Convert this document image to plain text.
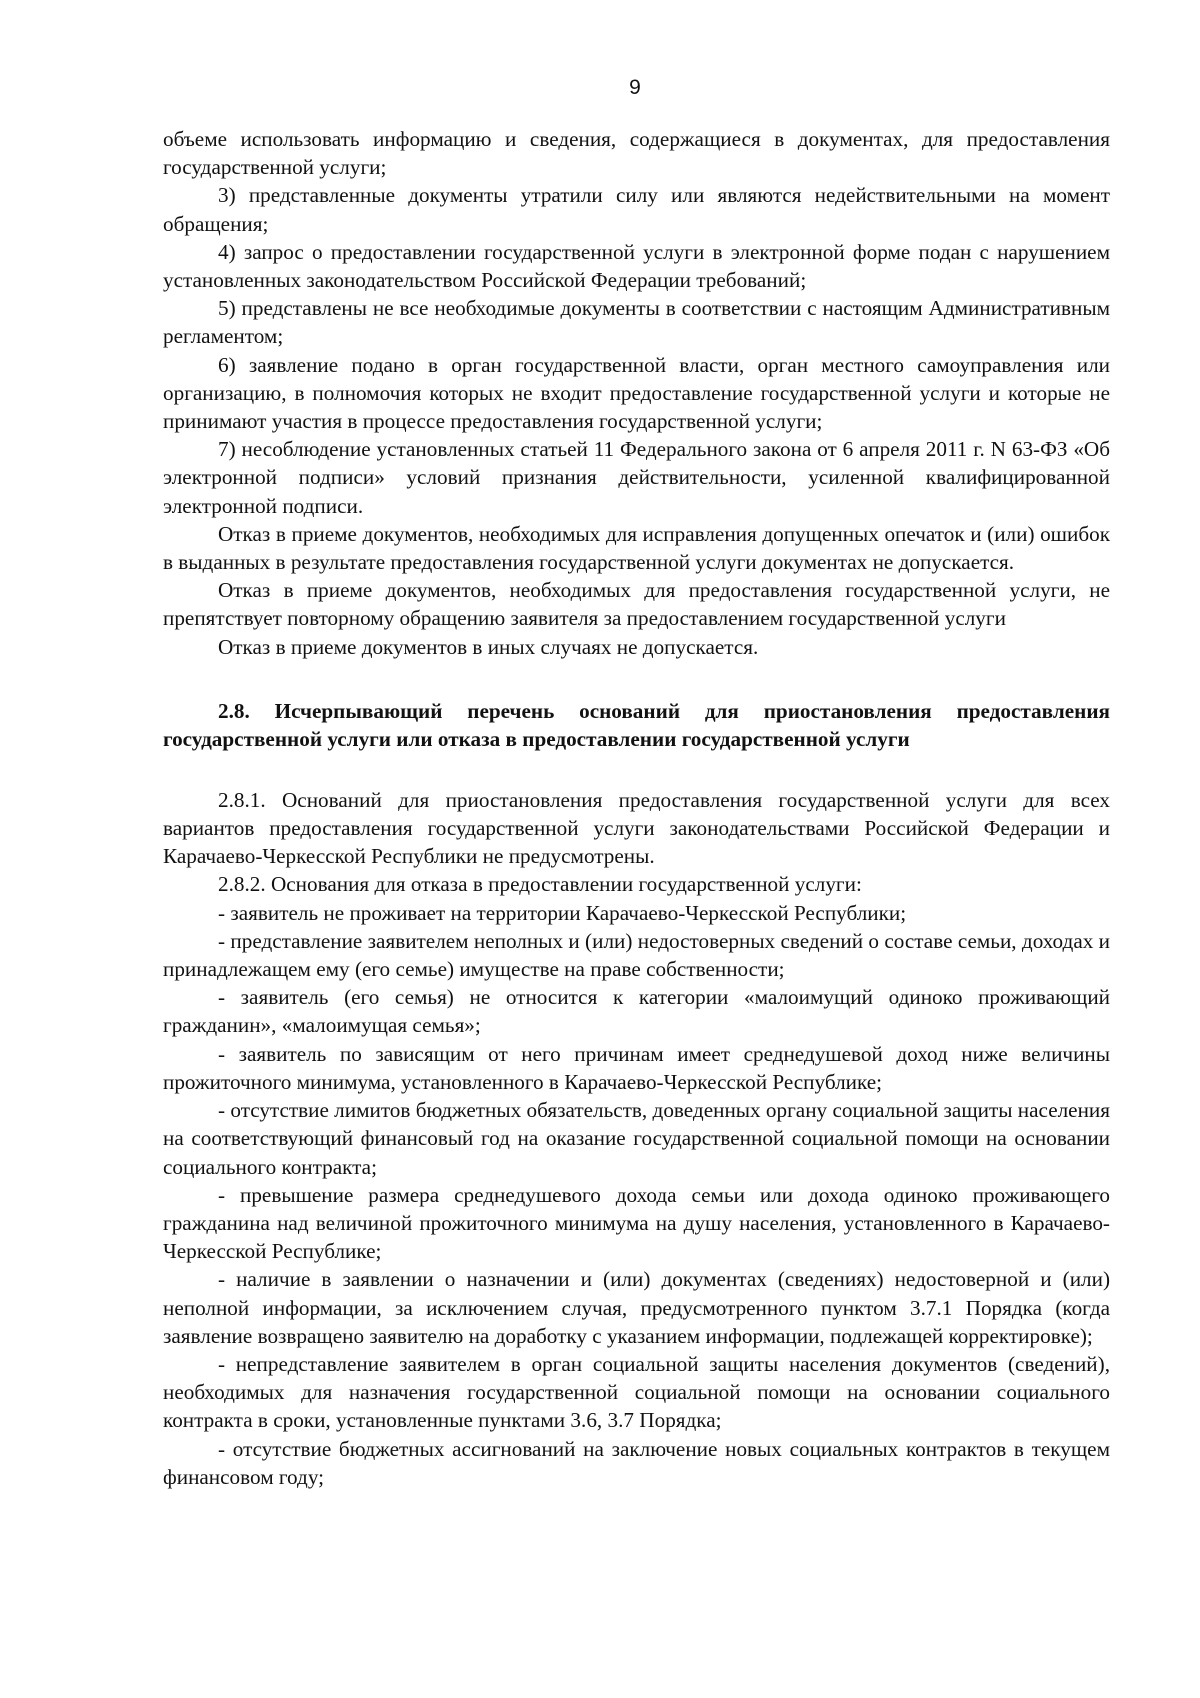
9

объеме использовать информацию и сведения, содержащиеся в документах, для предоставления государственной услуги;

3) представленные документы утратили силу или являются недействительными на момент обращения;

4) запрос о предоставлении государственной услуги в электронной форме подан с нарушением установленных законодательством Российской Федерации требований;

5) представлены не все необходимые документы в соответствии с настоящим Административным регламентом;

6) заявление подано в орган государственной власти, орган местного самоуправления или организацию, в полномочия которых не входит предоставление государственной услуги и которые не принимают участия в процессе предоставления государственной услуги;

7) несоблюдение установленных статьей 11 Федерального закона от 6 апреля 2011 г. N 63-ФЗ «Об электронной подписи» условий признания действительности, усиленной квалифицированной электронной подписи.

Отказ в приеме документов, необходимых для исправления допущенных опечаток и (или) ошибок в выданных в результате предоставления государственной услуги документах не допускается.

Отказ в приеме документов, необходимых для предоставления государственной услуги, не препятствует повторному обращению заявителя за предоставлением государственной услуги

Отказ в приеме документов в иных случаях не допускается.

2.8. Исчерпывающий перечень оснований для приостановления предоставления государственной услуги или отказа в предоставлении государственной услуги

2.8.1. Оснований для приостановления предоставления государственной услуги для всех вариантов предоставления государственной услуги законодательствами Российской Федерации и Карачаево-Черкесской Республики не предусмотрены.

2.8.2. Основания для отказа в предоставлении государственной услуги:

- заявитель не проживает на территории Карачаево-Черкесской Республики;

- представление заявителем неполных и (или) недостоверных сведений о составе семьи, доходах и принадлежащем ему (его семье) имуществе на праве собственности;

- заявитель (его семья) не относится к категории «малоимущий одиноко проживающий гражданин», «малоимущая семья»;

- заявитель по зависящим от него причинам имеет среднедушевой доход ниже величины прожиточного минимума, установленного в Карачаево-Черкесской Республике;

- отсутствие лимитов бюджетных обязательств, доведенных органу социальной защиты населения на соответствующий финансовый год на оказание государственной социальной помощи на основании социального контракта;

- превышение размера среднедушевого дохода семьи или дохода одиноко проживающего гражданина над величиной прожиточного минимума на душу населения, установленного в Карачаево-Черкесской Республике;

- наличие в заявлении о назначении и (или) документах (сведениях) недостоверной и (или) неполной информации, за исключением случая, предусмотренного пунктом 3.7.1 Порядка (когда заявление возвращено заявителю на доработку с указанием информации, подлежащей корректировке);

- непредставление заявителем в орган социальной защиты населения документов (сведений), необходимых для назначения государственной социальной помощи на основании социального контракта в сроки, установленные пунктами 3.6, 3.7 Порядка;

- отсутствие бюджетных ассигнований на заключение новых социальных контрактов в текущем финансовом году;
